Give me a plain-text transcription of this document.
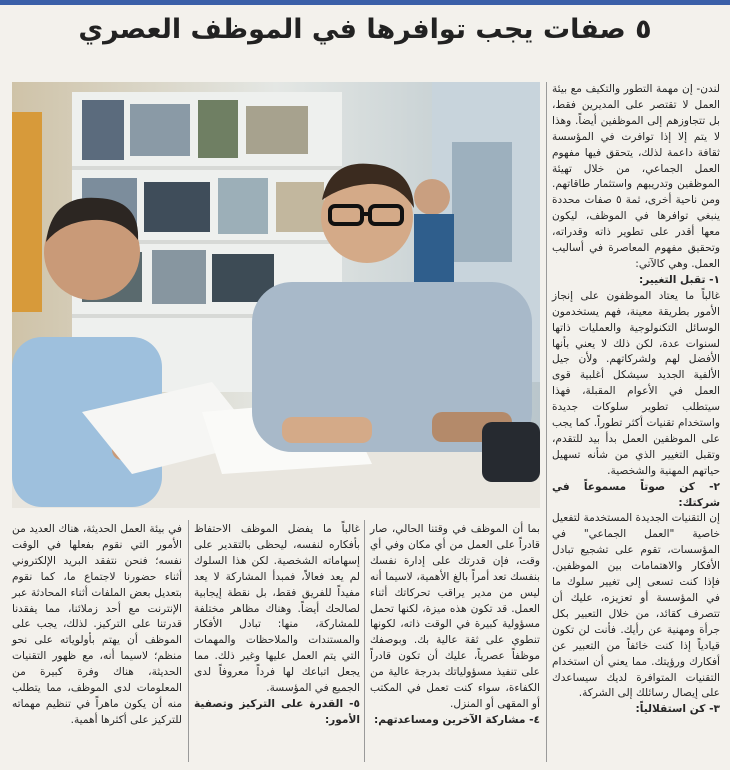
٥ صفات يجب توافرها في الموظف العصري

لندن- إن مهمة التطور والتكيف مع بيئة العمل لا تقتصر على المديرين فقط، بل تتجاوزهم إلى الموظفين أيضاً. وهذا لا يتم إلا إذا توافرت في المؤسسة ثقافة داعمة لذلك، يتحقق فيها مفهوم العمل الجماعي، من خلال تهيئة الموظفين وتدريبهم واستثمار طاقاتهم. ومن ناحية أخرى، ثمة ٥ صفات محددة ينبغي توافرها في الموظف، ليكون معها أقدر على تطوير ذاته وقدراته، وتحقيق مفهوم المعاصرة في أساليب العمل. وهي كالآتي:

١- تقبل التغيير:

غالباً ما يعتاد الموظفون على إنجاز الأمور بطريقة معينة، فهم يستخدمون الوسائل التكنولوجية والعمليات ذاتها لسنوات عدة، لكن ذلك لا يعني بأنها الأفضل لهم ولشركاتهم. ولأن جيل الألفية الجديد سيشكل أغلبية قوى العمل في الأعوام المقبلة، فهذا سيتطلب تطوير سلوكات جديدة واستخدام تقنيات أكثر تطوراً. كما يجب على الموظفين العمل بدأ بيد للتقدم، وتقبل التغيير الذي من شأنه تسهيل حياتهم المهنية والشخصية.

٢- كن صوتاً مسموعاً في شركتك:

إن التقنيات الجديدة المستخدمة لتفعيل خاصية "العمل الجماعي" في المؤسسات، تقوم على تشجيع تبادل الأفكار والاهتمامات بين الموظفين. فإذا كنت تسعى إلى تغيير سلوك ما في المؤسسة أو تعزيزه، عليك أن تتصرف كقائد، من خلال التعبير بكل جرأة ومهنية عن رأيك. فأنت لن تكون قيادياً إذا كنت خائفاً من التعبير عن أفكارك ورؤيتك. مما يعني أن استخدام التقنيات المتوافرة لديك سيساعدك على إيصال رسائلك إلى الشركة.

٣- كن استقلالياً:

بما أن الموظف في وقتنا الحالي، صار قادراً على العمل من أي مكان وفي أي وقت، فإن قدرتك على إدارة نفسك بنفسك تعد أمراً بالغ الأهمية، لاسيما أنه ليس من مدير يراقب تحركاتك أثناء العمل. قد تكون هذه ميزة، لكنها تحمل مسؤولية كبيرة في الوقت ذاته، لكونها تنطوي على ثقة عالية بك. وبوصفك موظفاً عصرياً، عليك أن تكون قادراً على تنفيذ مسؤولياتك بدرجة عالية من الكفاءة، سواء كنت تعمل في المكتب أو المقهى أو المنزل.

٤- مشاركة الآخرين ومساعدتهم:

غالباً ما يفضل الموظف الاحتفاظ بأفكاره لنفسه، ليحظى بالتقدير على إسهاماته الشخصية. لكن هذا السلوك لم يعد فعالاً، فمبدأ المشاركة لا يعد مفيداً للفريق فقط، بل نقطة إيجابية لصالحك أيضاً. وهناك مظاهر مختلفة للمشاركة، منها: تبادل الأفكار والمستندات والملاحظات والمهمات التي يتم العمل عليها وغير ذلك. مما يجعل اتباعك لها فرداً معروفاً لدى الجميع في المؤسسة.

٥- القدرة على التركيز وتصفية الأمور:

في بيئة العمل الحديثة، هناك العديد من الأمور التي نقوم بفعلها في الوقت نفسه؛ فنحن نتفقد البريد الإلكتروني أثناء حضورنا لاجتماع ما، كما نقوم بتعديل بعض الملفات أثناء المحادثة عبر الإنترنت مع أحد زملائنا، مما يفقدنا قدرتنا على التركيز. لذلك، يجب على الموظف أن يهتم بأولوياته على نحو منظم؛ لاسيما أنه، مع ظهور التقنيات الحديثة، هناك وفرة كبيرة من المعلومات لدى الموظف، مما يتطلب منه أن يكون ماهراً في تنظيم مهماته للتركيز على أكثرها أهمية.
